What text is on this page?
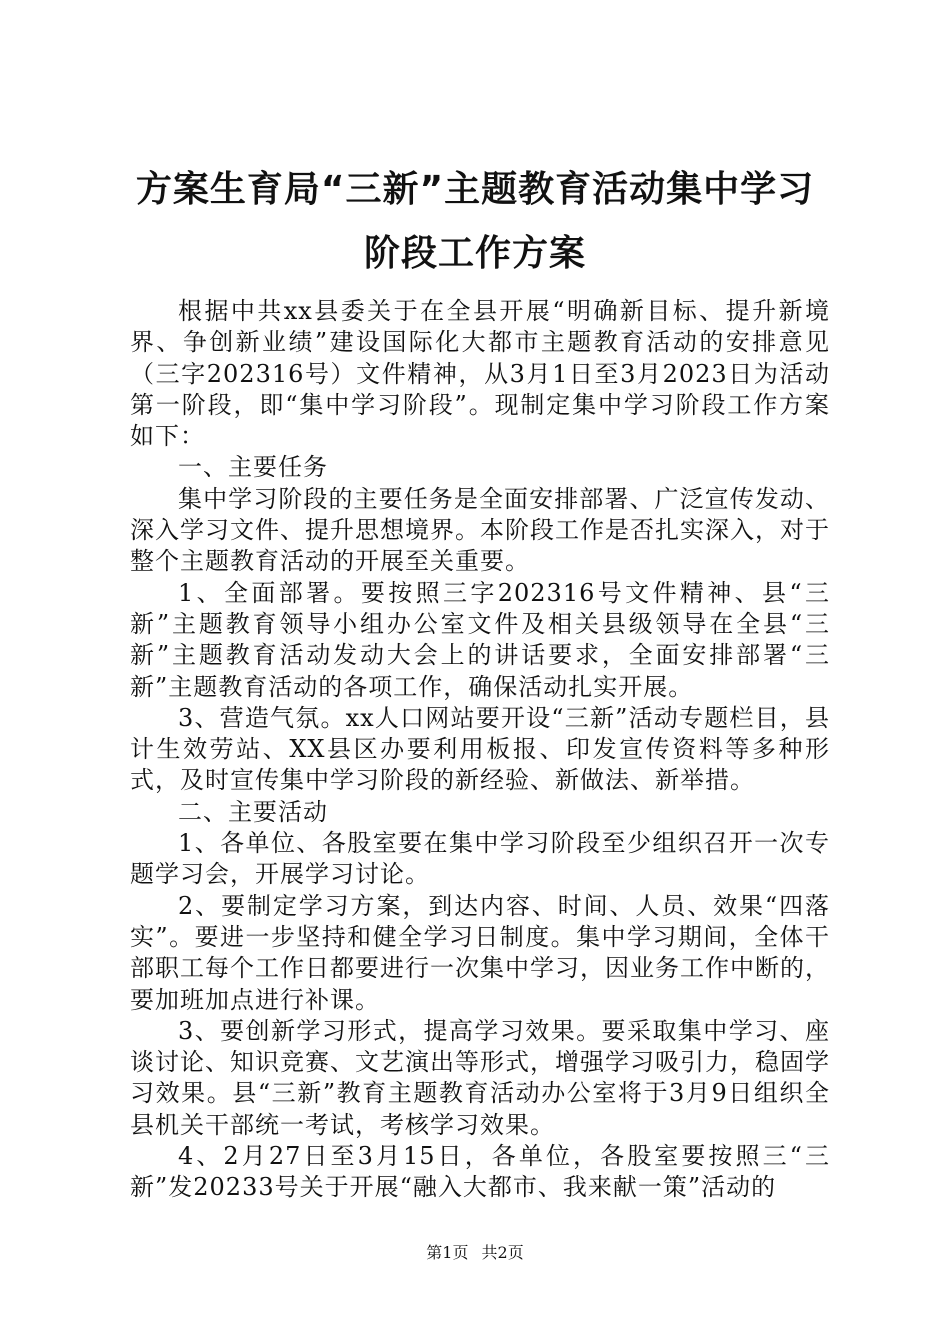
方案生育局“三新”主题教育活动集中学习阶段工作方案

根据中共xx县委关于在全县开展“明确新目标、提升新境界、争创新业绩”建设国际化大都市主题教育活动的安排意见（三字202316号）文件精神，从3月1日至3月2023日为活动第一阶段，即“集中学习阶段”。现制定集中学习阶段工作方案如下：

一、主要任务

集中学习阶段的主要任务是全面安排部署、广泛宣传发动、深入学习文件、提升思想境界。本阶段工作是否扎实深入，对于整个主题教育活动的开展至关重要。

1、全面部署。要按照三字202316号文件精神、县“三新”主题教育领导小组办公室文件及相关县级领导在全县“三新”主题教育活动发动大会上的讲话要求，全面安排部署“三新”主题教育活动的各项工作，确保活动扎实开展。

3、营造气氛。xx人口网站要开设“三新”活动专题栏目，县计生效劳站、XX县区办要利用板报、印发宣传资料等多种形式，及时宣传集中学习阶段的新经验、新做法、新举措。

二、主要活动

1、各单位、各股室要在集中学习阶段至少组织召开一次专题学习会，开展学习讨论。

2、要制定学习方案，到达内容、时间、人员、效果“四落实”。要进一步坚持和健全学习日制度。集中学习期间，全体干部职工每个工作日都要进行一次集中学习，因业务工作中断的，要加班加点进行补课。

3、要创新学习形式，提高学习效果。要采取集中学习、座谈讨论、知识竞赛、文艺演出等形式，增强学习吸引力，稳固学习效果。县“三新”教育主题教育活动办公室将于3月9日组织全县机关干部统一考试，考核学习效果。

4、2月27日至3月15日，各单位，各股室要按照三“三新”发20233号关于开展“融入大都市、我来献一策”活动的

第1页 共2页
